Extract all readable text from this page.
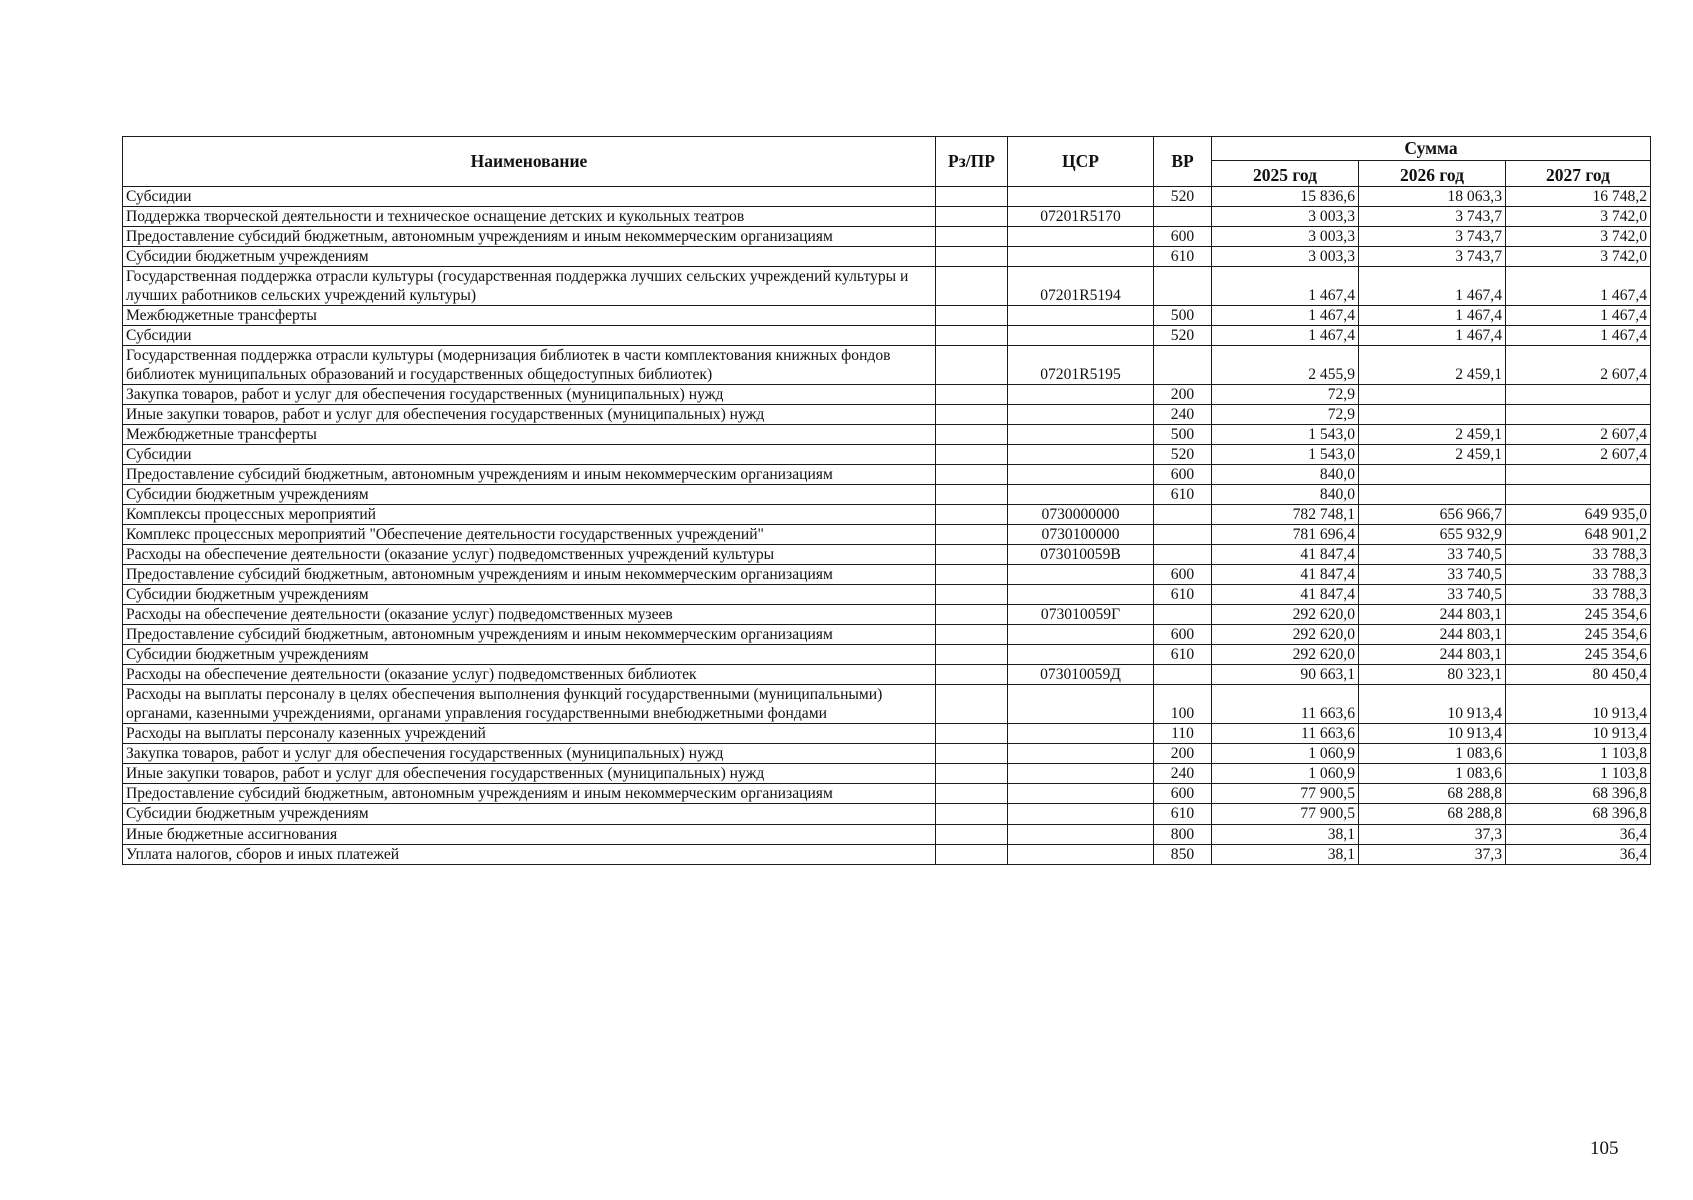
Наименование	Рз/ПР	ЦСР	ВР	Сумма		
				2025 год	2026 год	2027 год
Субсидии			520	15 836,6	18 063,3	16 748,2
Поддержка творческой деятельности и техническое оснащение детских и кукольных театров		07201R5170		3 003,3	3 743,7	3 742,0
Предоставление субсидий бюджетным, автономным учреждениям и иным некоммерческим организациям			600	3 003,3	3 743,7	3 742,0
Субсидии бюджетным учреждениям			610	3 003,3	3 743,7	3 742,0
Государственная поддержка отрасли культуры (государственная поддержка лучших сельских учреждений культуры и лучших работников сельских учреждений культуры)		07201R5194		1 467,4	1 467,4	1 467,4
Межбюджетные трансферты			500	1 467,4	1 467,4	1 467,4
Субсидии			520	1 467,4	1 467,4	1 467,4
Государственная поддержка отрасли культуры (модернизация библиотек в части комплектования книжных фондов библиотек муниципальных образований и государственных общедоступных библиотек)		07201R5195		2 455,9	2 459,1	2 607,4
Закупка товаров, работ и услуг для обеспечения государственных (муниципальных) нужд			200	72,9		
Иные закупки товаров, работ и услуг для обеспечения государственных (муниципальных) нужд			240	72,9		
Межбюджетные трансферты			500	1 543,0	2 459,1	2 607,4
Субсидии			520	1 543,0	2 459,1	2 607,4
Предоставление субсидий бюджетным, автономным учреждениям и иным некоммерческим организациям			600	840,0		
Субсидии бюджетным учреждениям			610	840,0		
Комплексы процессных мероприятий		0730000000		782 748,1	656 966,7	649 935,0
Комплекс процессных мероприятий "Обеспечение деятельности государственных учреждений"		0730100000		781 696,4	655 932,9	648 901,2
Расходы на обеспечение деятельности (оказание услуг) подведомственных учреждений культуры		073010059В		41 847,4	33 740,5	33 788,3
Предоставление субсидий бюджетным, автономным учреждениям и иным некоммерческим организациям			600	41 847,4	33 740,5	33 788,3
Субсидии бюджетным учреждениям			610	41 847,4	33 740,5	33 788,3
Расходы на обеспечение деятельности (оказание услуг) подведомственных музеев		073010059Г		292 620,0	244 803,1	245 354,6
Предоставление субсидий бюджетным, автономным учреждениям и иным некоммерческим организациям			600	292 620,0	244 803,1	245 354,6
Субсидии бюджетным учреждениям			610	292 620,0	244 803,1	245 354,6
Расходы на обеспечение деятельности (оказание услуг) подведомственных библиотек		073010059Д		90 663,1	80 323,1	80 450,4
Расходы на выплаты персоналу в целях обеспечения выполнения функций государственными (муниципальными) органами, казенными учреждениями, органами управления государственными внебюджетными фондами			100	11 663,6	10 913,4	10 913,4
Расходы на выплаты персоналу казенных учреждений			110	11 663,6	10 913,4	10 913,4
Закупка товаров, работ и услуг для обеспечения государственных (муниципальных) нужд			200	1 060,9	1 083,6	1 103,8
Иные закупки товаров, работ и услуг для обеспечения государственных (муниципальных) нужд			240	1 060,9	1 083,6	1 103,8
Предоставление субсидий бюджетным, автономным учреждениям и иным некоммерческим организациям			600	77 900,5	68 288,8	68 396,8
Субсидии бюджетным учреждениям			610	77 900,5	68 288,8	68 396,8
Иные бюджетные ассигнования			800	38,1	37,3	36,4
Уплата налогов, сборов и иных платежей			850	38,1	37,3	36,4
105
